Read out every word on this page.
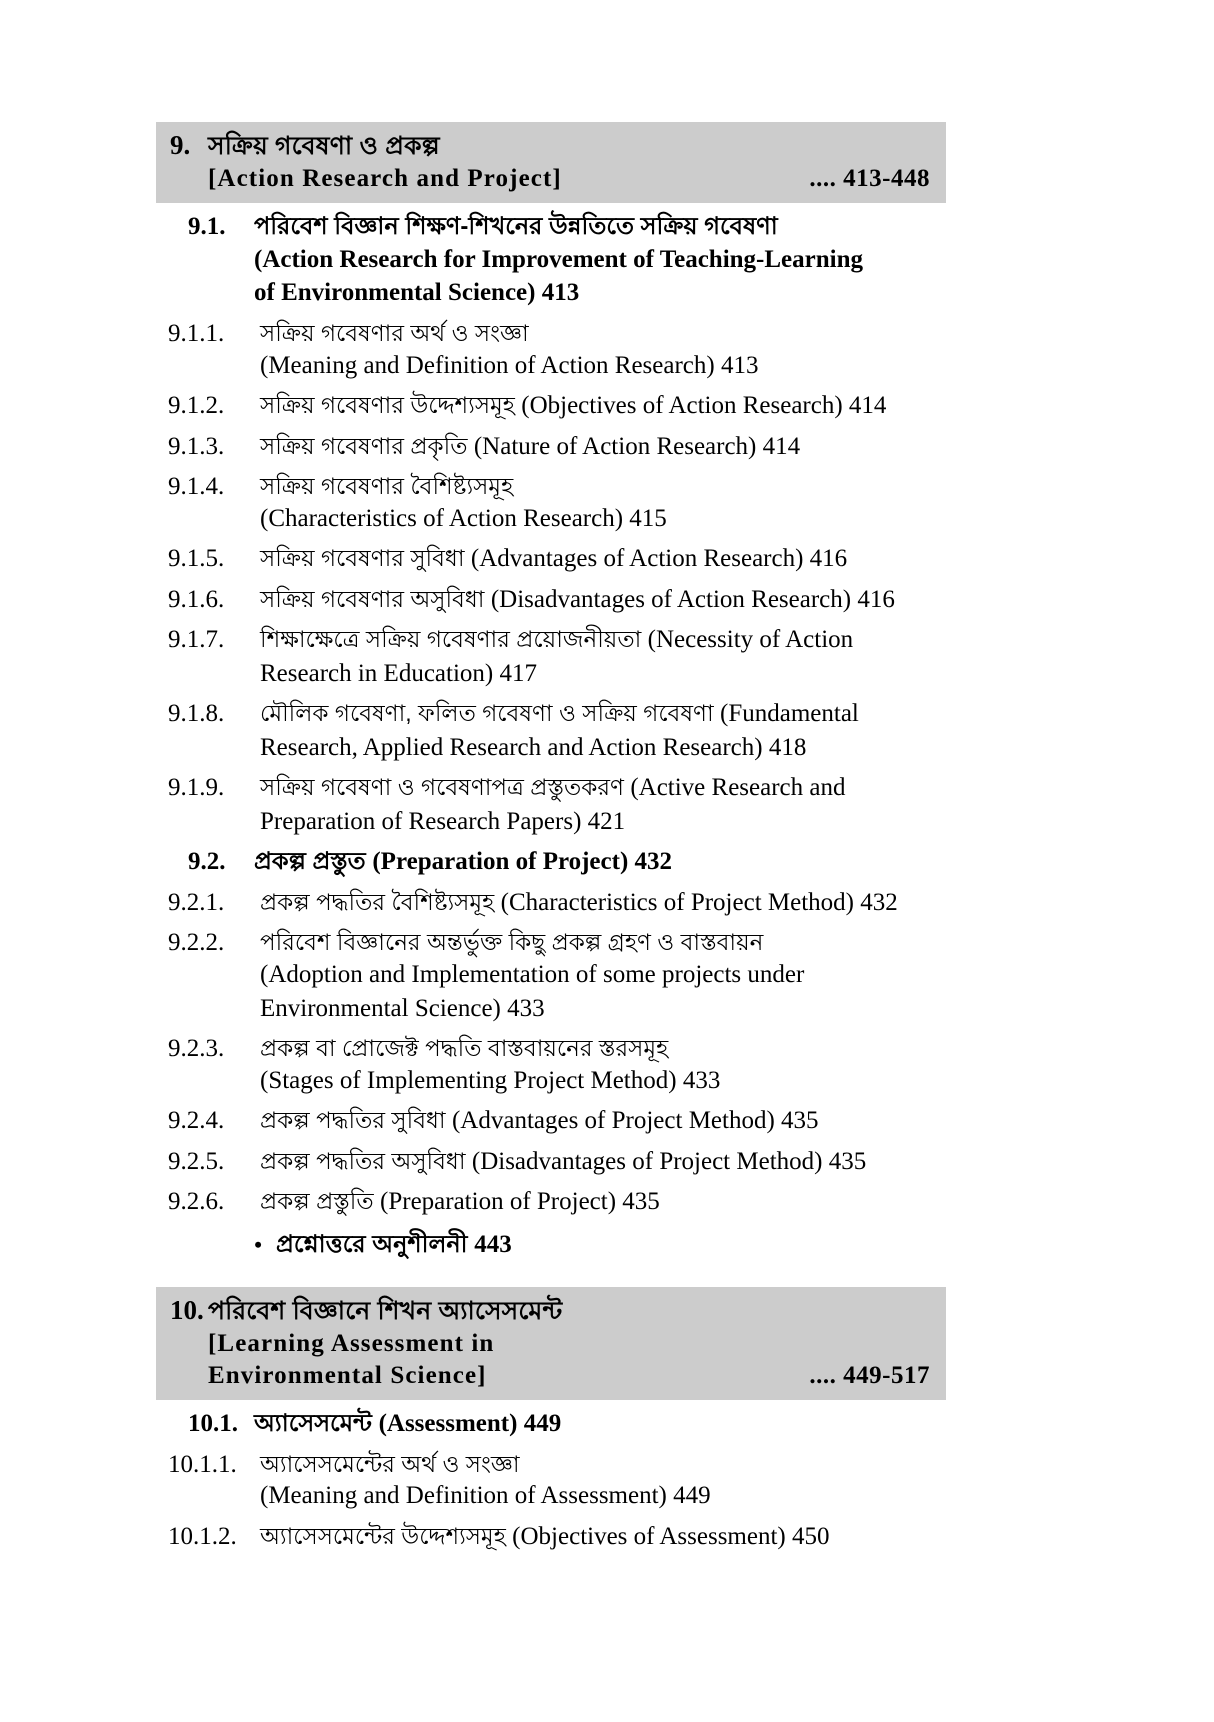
9. সক্রিয় গবেষণা ও প্রকল্প
[Action Research and Project]	.... 413-448
9.1.	পরিবেশ বিজ্ঞান শিক্ষণ-শিখনের উন্নতিতে সক্রিয় গবেষণা
(Action Research for Improvement of Teaching-Learning
of Environmental Science) 413
9.1.1.	সক্রিয় গবেষণার অর্থ ও সংজ্ঞা
(Meaning and Definition of Action Research) 413
9.1.2.	সক্রিয় গবেষণার উদ্দেশ্যসমূহ (Objectives of Action Research) 414
9.1.3.	সক্রিয় গবেষণার প্রকৃতি (Nature of Action Research) 414
9.1.4.	সক্রিয় গবেষণার বৈশিষ্ট্যসমূহ
(Characteristics of Action Research) 415
9.1.5.	সক্রিয় গবেষণার সুবিধা (Advantages of Action Research) 416
9.1.6.	সক্রিয় গবেষণার অসুবিধা (Disadvantages of Action Research) 416
9.1.7.	শিক্ষাক্ষেত্রে সক্রিয় গবেষণার প্রয়োজনীয়তা (Necessity of Action
Research in Education) 417
9.1.8.	মৌলিক গবেষণা, ফলিত গবেষণা ও সক্রিয় গবেষণা (Fundamental
Research, Applied Research and Action Research) 418
9.1.9.	সক্রিয় গবেষণা ও গবেষণাপত্র প্রস্তুতকরণ (Active Research and
Preparation of Research Papers) 421
9.2.	প্রকল্প প্রস্তুত (Preparation of Project) 432
9.2.1.	প্রকল্প পদ্ধতির বৈশিষ্ট্যসমূহ (Characteristics of Project Method) 432
9.2.2.	পরিবেশ বিজ্ঞানের অন্তর্ভুক্ত কিছু প্রকল্প গ্রহণ ও বাস্তবায়ন
(Adoption and Implementation of some projects under
Environmental Science) 433
9.2.3.	প্রকল্প বা প্রোজেক্ট পদ্ধতি বাস্তবায়নের স্তরসমূহ
(Stages of Implementing Project Method) 433
9.2.4.	প্রকল্প পদ্ধতির সুবিধা (Advantages of Project Method) 435
9.2.5.	প্রকল্প পদ্ধতির অসুবিধা (Disadvantages of Project Method) 435
9.2.6.	প্রকল্প প্রস্তুতি (Preparation of Project) 435
• প্রশ্নোত্তরে অনুশীলনী 443
10. পরিবেশ বিজ্ঞানে শিখন অ্যাসেসমেন্ট
[Learning Assessment in
Environmental Science]	.... 449-517
10.1. অ্যাসেসমেন্ট (Assessment) 449
10.1.1.	অ্যাসেসমেন্টের অর্থ ও সংজ্ঞা
(Meaning and Definition of Assessment) 449
10.1.2.	অ্যাসেসমেন্টের উদ্দেশ্যসমূহ (Objectives of Assessment) 450
